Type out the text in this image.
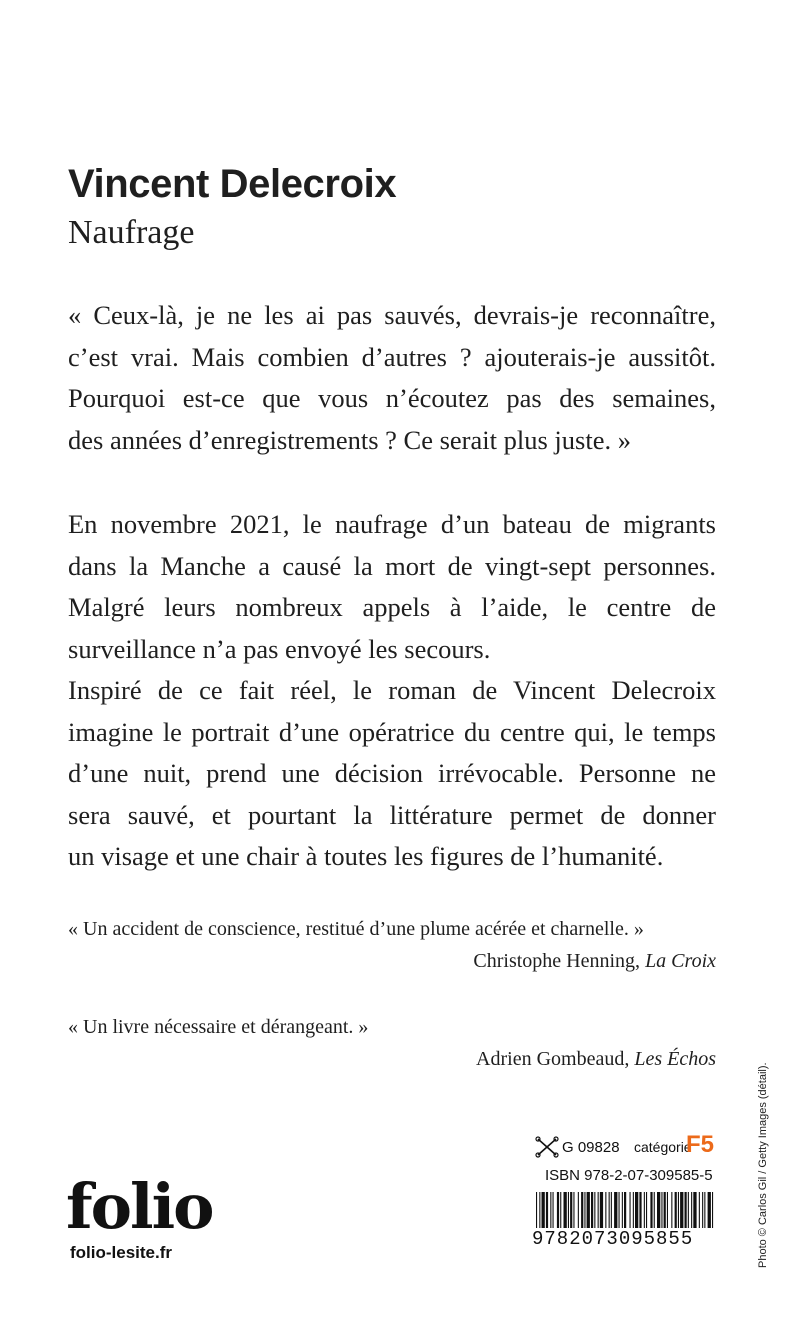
Vincent Delecroix
Naufrage

« Ceux-là, je ne les ai pas sauvés, devrais-je reconnaître,
c’est vrai. Mais combien d’autres ? ajouterais-je aussitôt.
Pourquoi est-ce que vous n’écoutez pas des semaines,
des années d’enregistrements ? Ce serait plus juste. »

En novembre 2021, le naufrage d’un bateau de migrants
dans la Manche a causé la mort de vingt-sept personnes.
Malgré leurs nombreux appels à l’aide, le centre de
surveillance n’a pas envoyé les secours.
Inspiré de ce fait réel, le roman de Vincent Delecroix
imagine le portrait d’une opératrice du centre qui, le temps
d’une nuit, prend une décision irrévocable. Personne ne
sera sauvé, et pourtant la littérature permet de donner
un visage et une chair à toutes les figures de l’humanité.

« Un accident de conscience, restitué d’une plume acérée et charnelle. »
Christophe Henning, La Croix
« Un livre nécessaire et dérangeant. »
Adrien Gombeaud, Les Échos
folio
folio-lesite.fr
G 09828 catégorie
F5
ISBN 978-2-07-309585-5
9782073095855	Photo © Carlos Gil / Getty Images (détail).
